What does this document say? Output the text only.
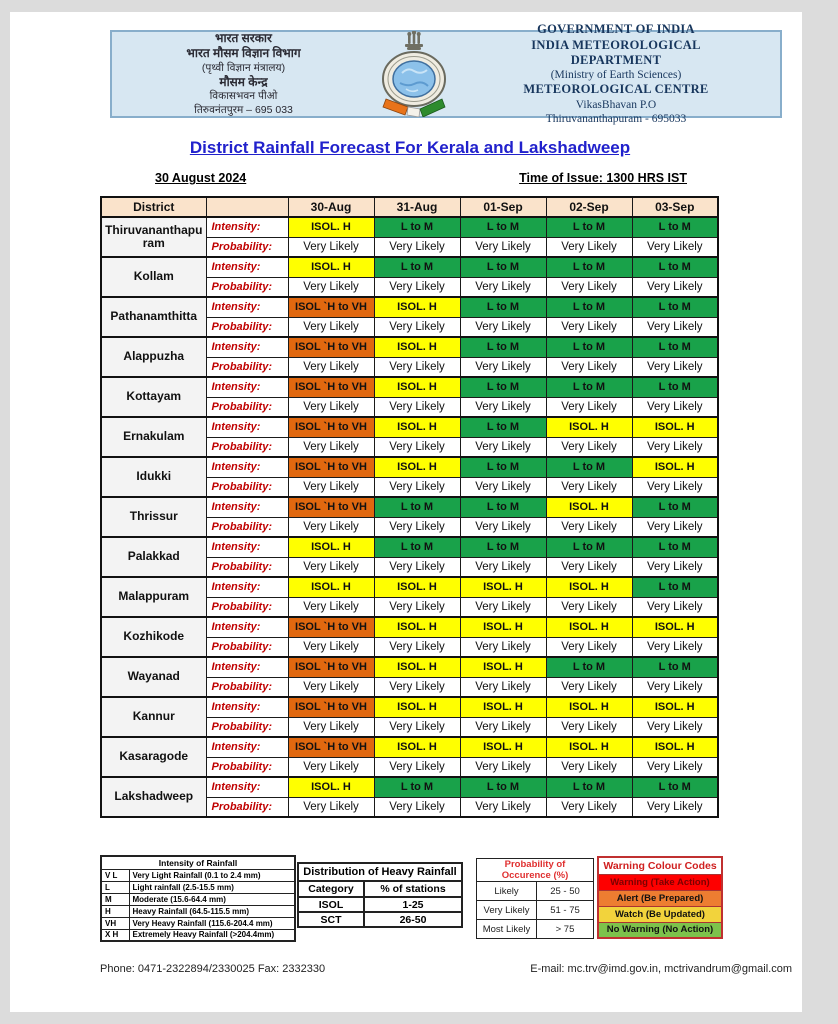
भारत सरकार
भारत मौसम विज्ञान विभाग
(पृथ्वी विज्ञान मंत्रालय)
मौसम केन्द्र
विकासभवन पीओ
तिरुवनंतपुरम – 695 033
GOVERNMENT OF INDIA
INDIA METEOROLOGICAL
DEPARTMENT
(Ministry of Earth Sciences)
METEOROLOGICAL CENTRE
VikasBhavan P.O
Thiruvananthapuram - 695033
District Rainfall Forecast For Kerala and Lakshadweep
30 August 2024	Time of Issue: 1300 HRS IST
District		30-Aug	31-Aug	01-Sep	02-Sep	03-Sep
Thiruvananthapuram	Intensity:	ISOL. H	L to M	L to M	L to M	L to M
	Probability:	Very Likely	Very Likely	Very Likely	Very Likely	Very Likely
Kollam	Intensity:	ISOL. H	L to M	L to M	L to M	L to M
	Probability:	Very Likely	Very Likely	Very Likely	Very Likely	Very Likely
Pathanamthitta	Intensity:	ISOL `H to VH	ISOL. H	L to M	L to M	L to M
	Probability:	Very Likely	Very Likely	Very Likely	Very Likely	Very Likely
Alappuzha	Intensity:	ISOL `H to VH	ISOL. H	L to M	L to M	L to M
	Probability:	Very Likely	Very Likely	Very Likely	Very Likely	Very Likely
Kottayam	Intensity:	ISOL `H to VH	ISOL. H	L to M	L to M	L to M
	Probability:	Very Likely	Very Likely	Very Likely	Very Likely	Very Likely
Ernakulam	Intensity:	ISOL `H to VH	ISOL. H	L to M	ISOL. H	ISOL. H
	Probability:	Very Likely	Very Likely	Very Likely	Very Likely	Very Likely
Idukki	Intensity:	ISOL `H to VH	ISOL. H	L to M	L to M	ISOL. H
	Probability:	Very Likely	Very Likely	Very Likely	Very Likely	Very Likely
Thrissur	Intensity:	ISOL `H to VH	L to M	L to M	ISOL. H	L to M
	Probability:	Very Likely	Very Likely	Very Likely	Very Likely	Very Likely
Palakkad	Intensity:	ISOL. H	L to M	L to M	L to M	L to M
	Probability:	Very Likely	Very Likely	Very Likely	Very Likely	Very Likely
Malappuram	Intensity:	ISOL. H	ISOL. H	ISOL. H	ISOL. H	L to M
	Probability:	Very Likely	Very Likely	Very Likely	Very Likely	Very Likely
Kozhikode	Intensity:	ISOL `H to VH	ISOL. H	ISOL. H	ISOL. H	ISOL. H
	Probability:	Very Likely	Very Likely	Very Likely	Very Likely	Very Likely
Wayanad	Intensity:	ISOL `H to VH	ISOL. H	ISOL. H	L to M	L to M
	Probability:	Very Likely	Very Likely	Very Likely	Very Likely	Very Likely
Kannur	Intensity:	ISOL `H to VH	ISOL. H	ISOL. H	ISOL. H	ISOL. H
	Probability:	Very Likely	Very Likely	Very Likely	Very Likely	Very Likely
Kasaragode	Intensity:	ISOL `H to VH	ISOL. H	ISOL. H	ISOL. H	ISOL. H
	Probability:	Very Likely	Very Likely	Very Likely	Very Likely	Very Likely
Lakshadweep	Intensity:	ISOL. H	L to M	L to M	L to M	L to M
	Probability:	Very Likely	Very Likely	Very Likely	Very Likely	Very Likely
Intensity of Rainfall	
V L	Very Light Rainfall (0.1 to 2.4 mm)
L	Light rainfall (2.5-15.5 mm)
M	Moderate (15.6-64.4 mm)
H	Heavy Rainfall (64.5-115.5 mm)
VH	Very Heavy Rainfall (115.6-204.4 mm)
X H	Extremely Heavy Rainfall (>204.4mm)
Distribution of Heavy Rainfall	
Category	% of stations
ISOL	1-25
SCT	26-50
Probability of Occurence (%)	
Likely	25 - 50
Very Likely	51 - 75
Most Likely	> 75
Warning Colour Codes
Warning (Take Action)
Alert (Be Prepared)
Watch (Be Updated)
No Warning (No Action)
Phone: 0471-2322894/2330025 Fax: 2332330	E-mail: mc.trv@imd.gov.in, mctrivandrum@gmail.com
